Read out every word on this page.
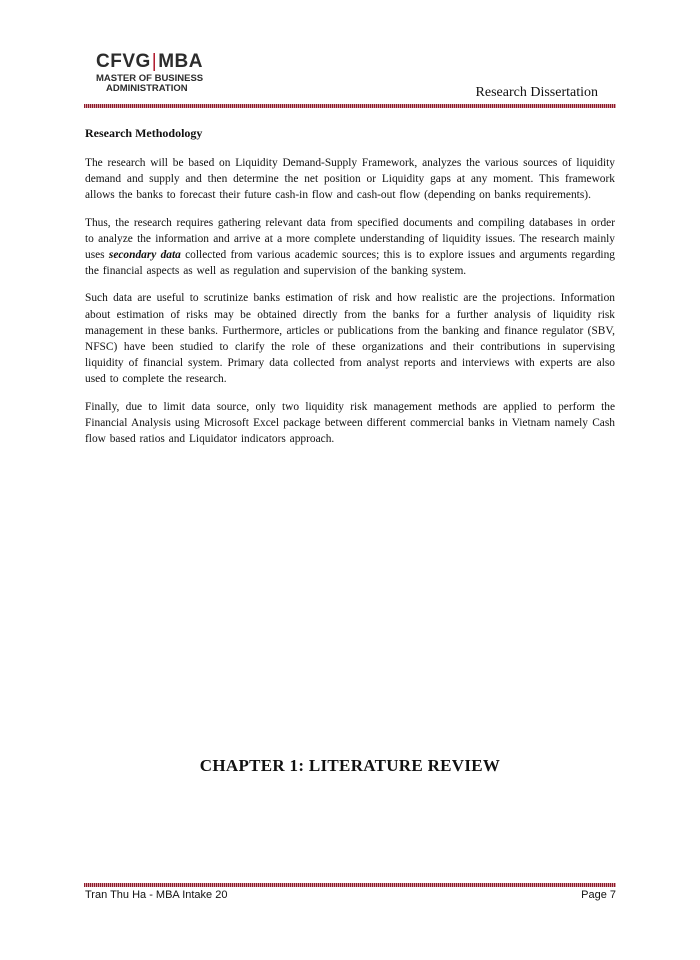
CFVG|MBA
MASTER OF BUSINESS
ADMINISTRATION	Research Dissertation
Research Methodology

The research will be based on Liquidity Demand-Supply Framework, analyzes the various sources of liquidity demand and supply and then determine the net position or Liquidity gaps at any moment. This framework allows the banks to forecast their future cash-in flow and cash-out flow (depending on banks requirements).

Thus, the research requires gathering relevant data from specified documents and compiling databases in order to analyze the information and arrive at a more complete understanding of liquidity issues. The research mainly uses secondary data collected from various academic sources; this is to explore issues and arguments regarding the financial aspects as well as regulation and supervision of the banking system.

Such data are useful to scrutinize banks estimation of risk and how realistic are the projections. Information about estimation of risks may be obtained directly from the banks for a further analysis of liquidity risk management in these banks. Furthermore, articles or publications from the banking and finance regulator (SBV, NFSC) have been studied to clarify the role of these organizations and their contributions in supervising liquidity of financial system. Primary data collected from analyst reports and interviews with experts are also used to complete the research.

Finally, due to limit data source, only two liquidity risk management methods are applied to perform the Financial Analysis using Microsoft Excel package between different commercial banks in Vietnam namely Cash flow based ratios and Liquidator indicators approach.

CHAPTER 1: LITERATURE REVIEW
Tran Thu Ha - MBA Intake 20	Page 7
